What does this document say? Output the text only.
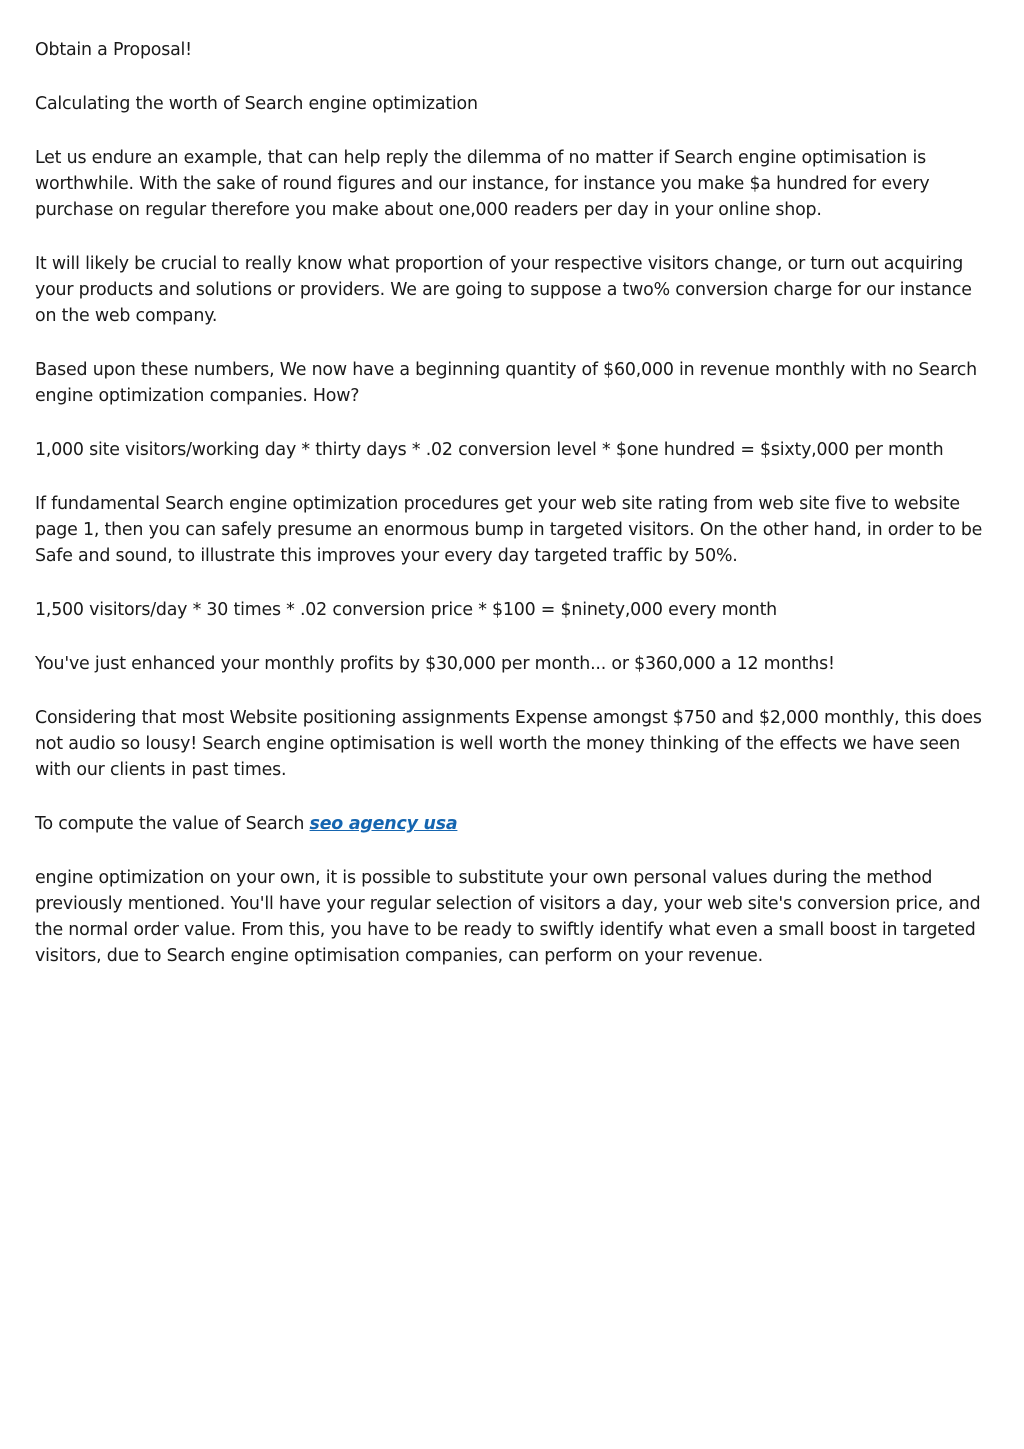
Obtain a Proposal!

Calculating the worth of Search engine optimization

Let us endure an example, that can help reply the dilemma of no matter if Search engine optimisation is worthwhile. With the sake of round figures and our instance, for instance you make $a hundred for every purchase on regular therefore you make about one,000 readers per day in your online shop.

It will likely be crucial to really know what proportion of your respective visitors change, or turn out acquiring your products and solutions or providers. We are going to suppose a two% conversion charge for our instance on the web company.

Based upon these numbers, We now have a beginning quantity of $60,000 in revenue monthly with no Search engine optimization companies. How?

1,000 site visitors/working day * thirty days * .02 conversion level * $one hundred = $sixty,000 per month

If fundamental Search engine optimization procedures get your web site rating from web site five to website page 1, then you can safely presume an enormous bump in targeted visitors. On the other hand, in order to be Safe and sound, to illustrate this improves your every day targeted traffic by 50%.

1,500 visitors/day * 30 times * .02 conversion price * $100 = $ninety,000 every month

You've just enhanced your monthly profits by $30,000 per month... or $360,000 a 12 months!

Considering that most Website positioning assignments Expense amongst $750 and $2,000 monthly, this does not audio so lousy! Search engine optimisation is well worth the money thinking of the effects we have seen with our clients in past times.

To compute the value of Search seo agency usa

engine optimization on your own, it is possible to substitute your own personal values during the method previously mentioned. You'll have your regular selection of visitors a day, your web site's conversion price, and the normal order value. From this, you have to be ready to swiftly identify what even a small boost in targeted visitors, due to Search engine optimisation companies, can perform on your revenue.
